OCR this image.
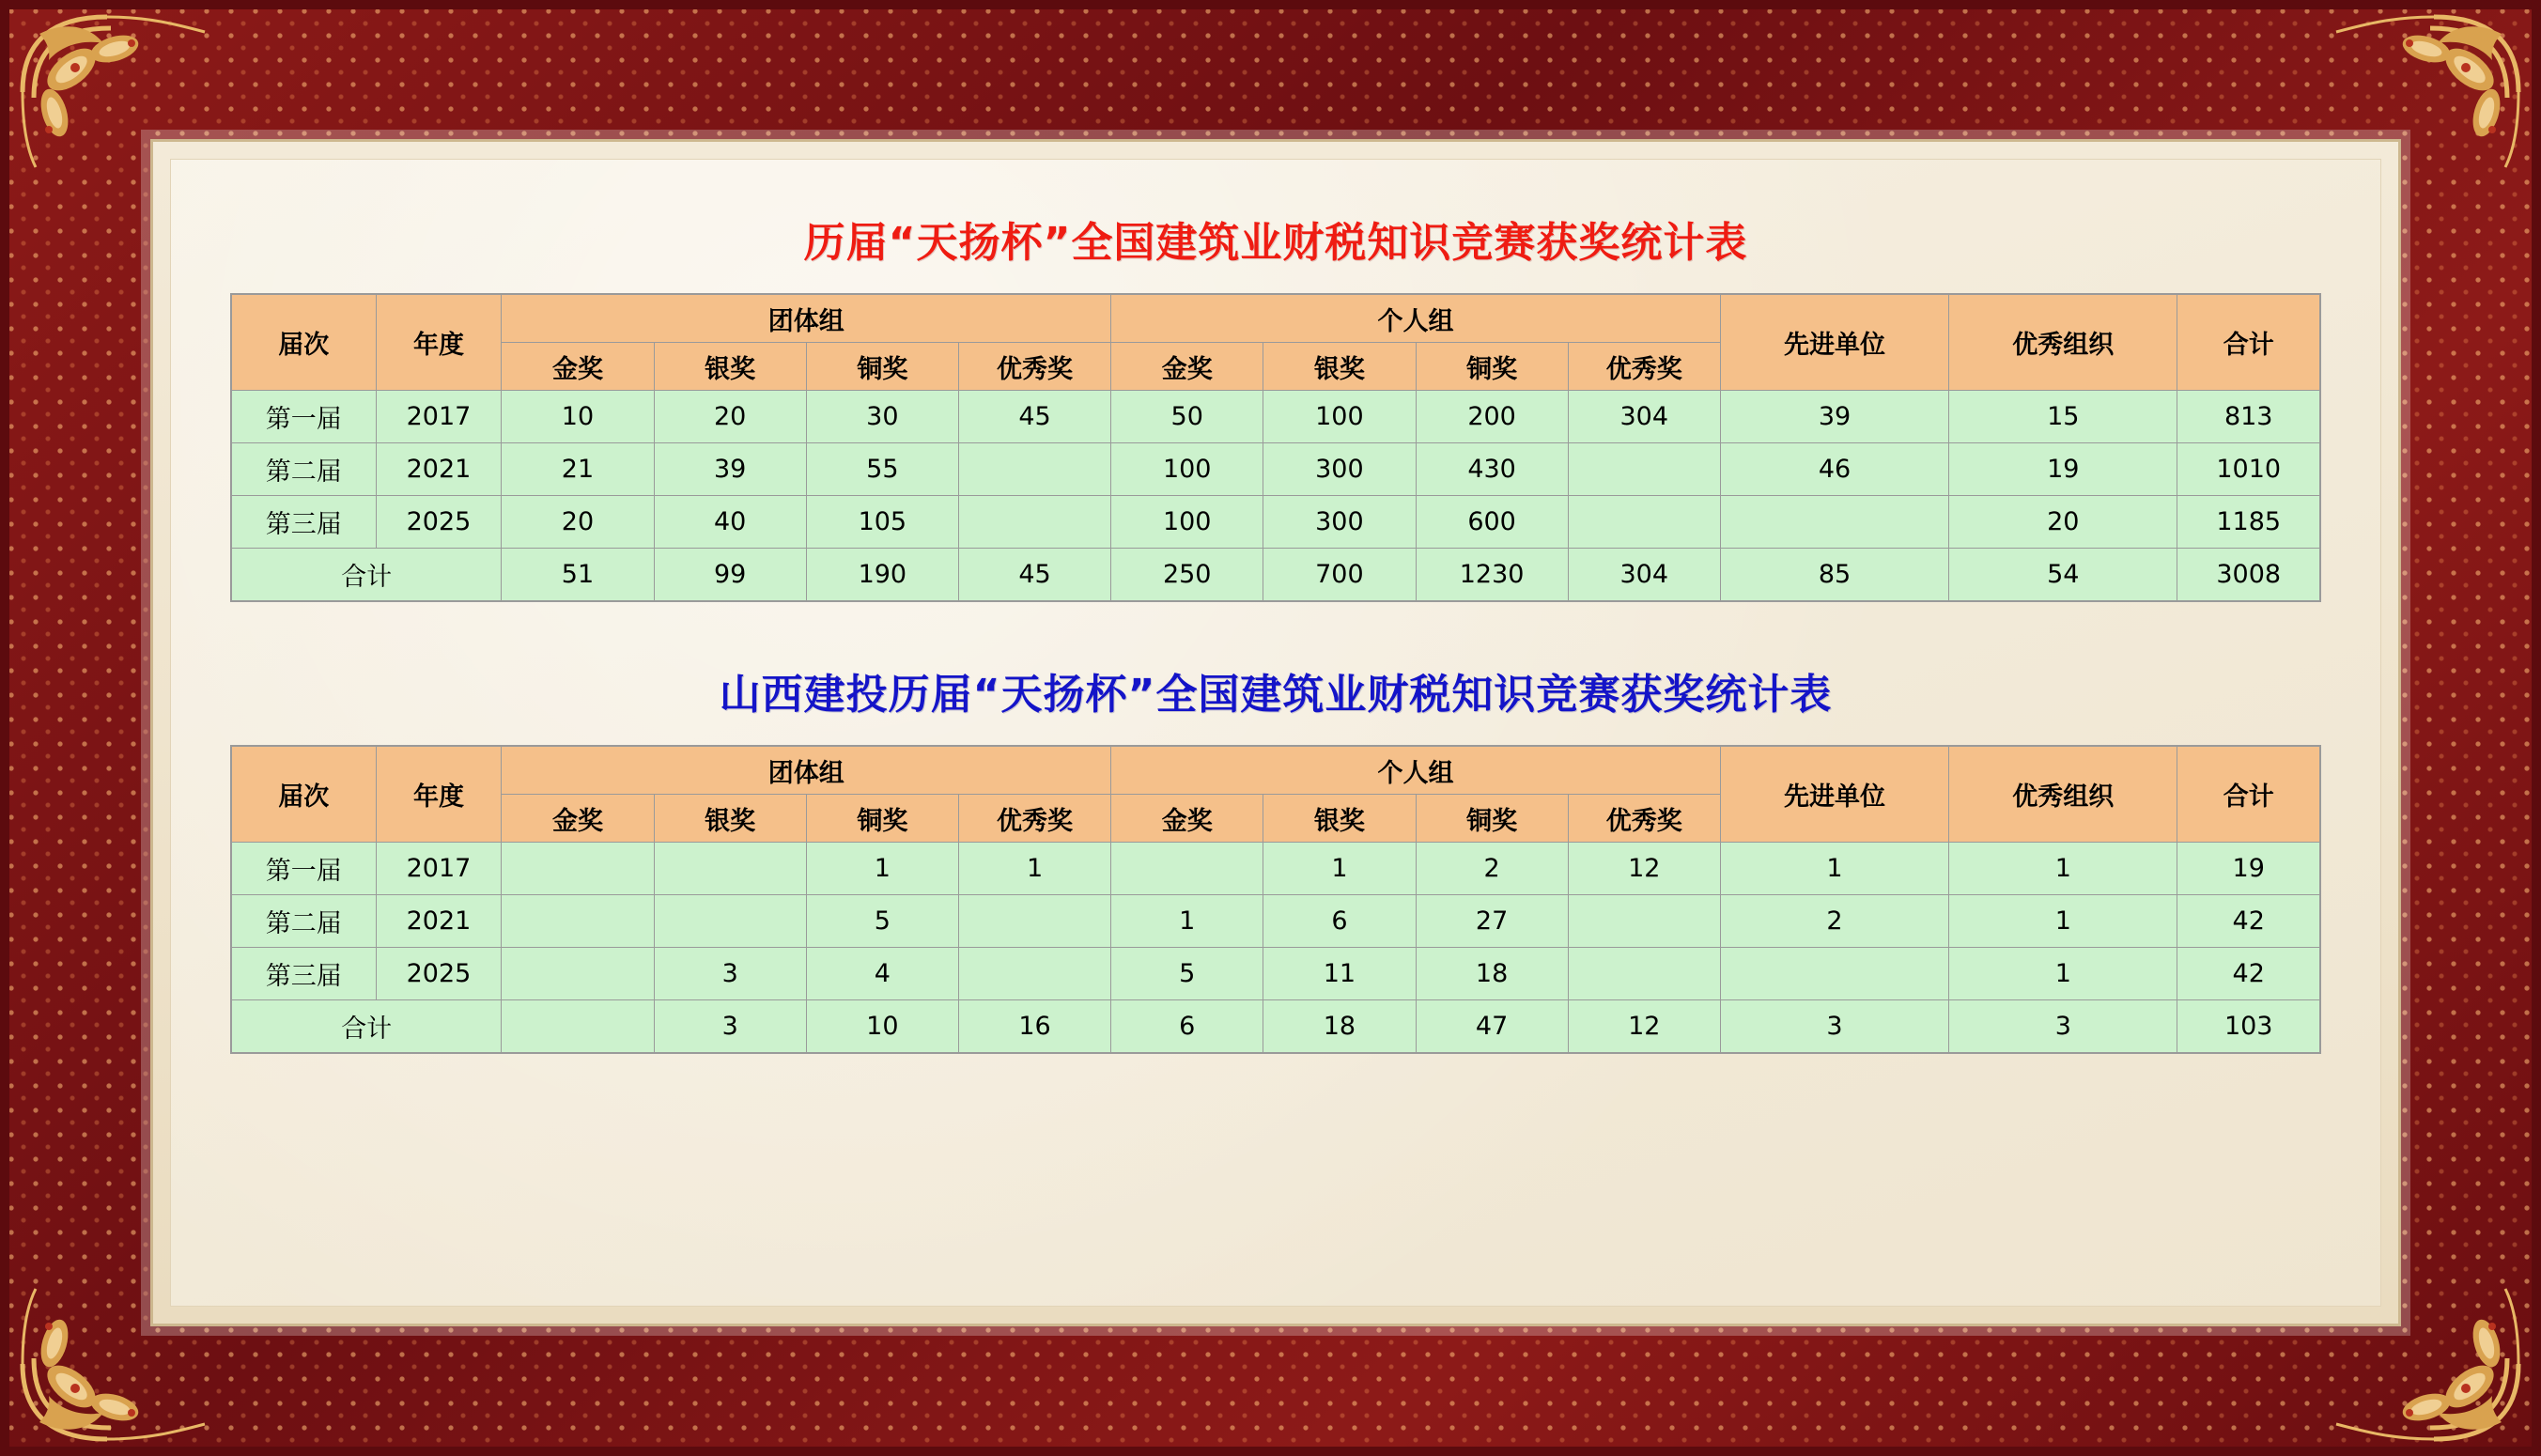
历届“天扬杯”全国建筑业财税知识竞赛获奖统计表
届次	年度	团体组				个人组				先进单位	优秀组织	合计
		金奖	银奖	铜奖	优秀奖	金奖	银奖	铜奖	优秀奖			
第一届	2017	10	20	30	45	50	100	200	304	39	15	813
第二届	2021	21	39	55		100	300	430		46	19	1010
第三届	2025	20	40	105		100	300	600			20	1185
合计		51	99	190	45	250	700	1230	304	85	54	3008
山西建投历届“天扬杯”全国建筑业财税知识竞赛获奖统计表
届次	年度	团体组				个人组				先进单位	优秀组织	合计
		金奖	银奖	铜奖	优秀奖	金奖	银奖	铜奖	优秀奖			
第一届	2017			1	1		1	2	12	1	1	19
第二届	2021			5		1	6	27		2	1	42
第三届	2025		3	4		5	11	18			1	42
合计			3	10	16	6	18	47	12	3	3	103
